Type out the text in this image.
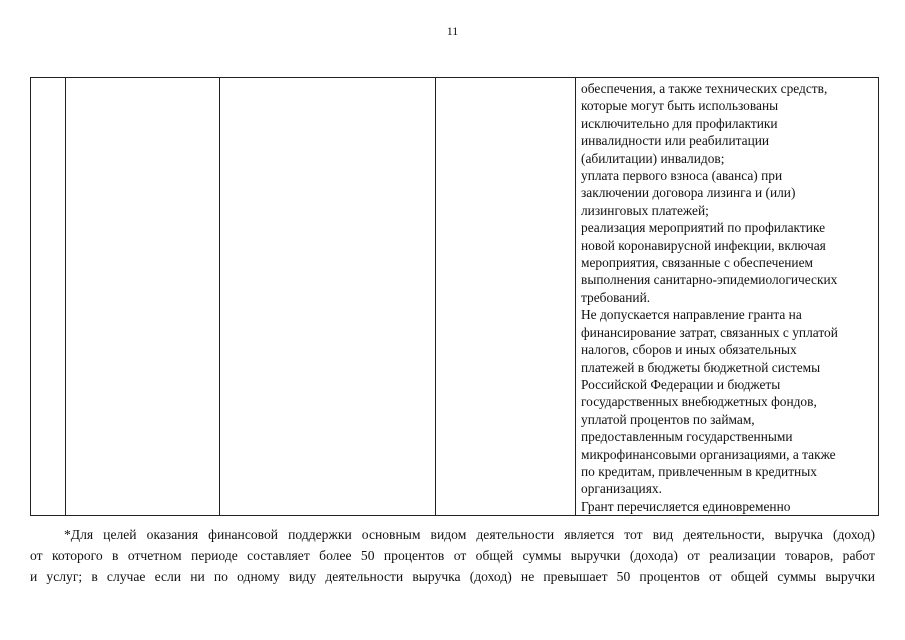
11

обеспечения, а также технических средств,
которые могут быть использованы
исключительно для профилактики
инвалидности или реабилитации
(абилитации) инвалидов;
уплата первого взноса (аванса) при
заключении договора лизинга и (или)
лизинговых платежей;
реализация мероприятий по профилактике
новой коронавирусной инфекции, включая
мероприятия, связанные с обеспечением
выполнения санитарно-эпидемиологических
требований.
Не допускается направление гранта на
финансирование затрат, связанных с уплатой
налогов, сборов и иных обязательных
платежей в бюджеты бюджетной системы
Российской Федерации и бюджеты
государственных внебюджетных фондов,
уплатой процентов по займам,
предоставленным государственными
микрофинансовыми организациями, а также
по кредитам, привлеченным в кредитных
организациях.
Грант перечисляется единовременно
*Для целей оказания финансовой поддержки основным видом деятельности является тот вид деятельности, выручка (доход)
от которого в отчетном периоде составляет более 50 процентов от общей суммы выручки (дохода) от реализации товаров, работ
и услуг; в случае если ни по одному виду деятельности выручка (доход) не превышает 50 процентов от общей суммы выручки
